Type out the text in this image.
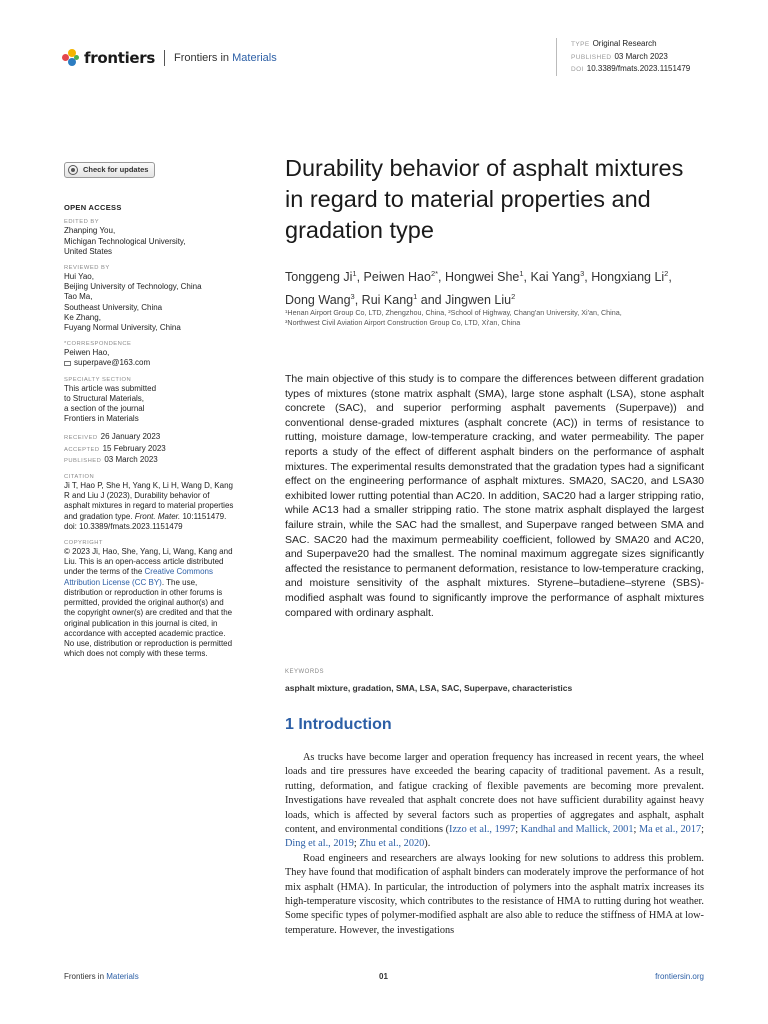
frontiers Frontiers in Materials
TYPE Original Research
PUBLISHED 03 March 2023
DOI 10.3389/fmats.2023.1151479
Check for updates
OPEN ACCESS
EDITED BY
Zhanping You,
Michigan Technological University,
United States
REVIEWED BY
Hui Yao,
Beijing University of Technology, China
Tao Ma,
Southeast University, China
Ke Zhang,
Fuyang Normal University, China
*CORRESPONDENCE
Peiwen Hao,
superpave@163.com
SPECIALTY SECTION
This article was submitted
to Structural Materials,
a section of the journal
Frontiers in Materials
RECEIVED 26 January 2023
ACCEPTED 15 February 2023
PUBLISHED 03 March 2023
CITATION
Ji T, Hao P, She H, Yang K, Li H, Wang D, Kang R and Liu J (2023), Durability behavior of asphalt mixtures in regard to material properties and gradation type. Front. Mater. 10:1151479.
doi: 10.3389/fmats.2023.1151479
COPYRIGHT
© 2023 Ji, Hao, She, Yang, Li, Wang, Kang and Liu. This is an open-access article distributed under the terms of the Creative Commons Attribution License (CC BY). The use, distribution or reproduction in other forums is permitted, provided the original author(s) and the copyright owner(s) are credited and that the original publication in this journal is cited, in accordance with accepted academic practice. No use, distribution or reproduction is permitted which does not comply with these terms.
Durability behavior of asphalt mixtures in regard to material properties and gradation type
Tonggeng Ji$^1$, Peiwen Hao$^{2*}$, Hongwei She$^1$, Kai Yang$^3$, Hongxiang Li$^2$, Dong Wang$^3$, Rui Kang$^1$ and Jingwen Liu$^2$
¹Henan Airport Group Co, LTD, Zhengzhou, China, ²School of Highway, Chang'an University, Xi'an, China,
³Northwest Civil Aviation Airport Construction Group Co, LTD, Xi'an, China
The main objective of this study is to compare the differences between different gradation types of mixtures (stone matrix asphalt (SMA), large stone asphalt (LSA), stone asphalt concrete (SAC), and superior performing asphalt pavements (Superpave)) and conventional dense-graded mixtures (asphalt concrete (AC)) in terms of resistance to rutting, moisture damage, low-temperature cracking, and water permeability. The paper reports a study of the effect of different asphalt binders on the performance of asphalt mixtures. The experimental results demonstrated that the gradation types had a significant effect on the engineering performance of asphalt mixtures. SMA20, SAC20, and LSA30 exhibited lower rutting potential than AC20. In addition, SAC20 had a larger stripping ratio, while AC13 had a smaller stripping ratio. The stone matrix asphalt displayed the largest failure strain, while the SAC had the smallest, and Superpave ranged between SMA and SAC. SAC20 had the maximum permeability coefficient, followed by SMA20 and AC20, and Superpave20 had the smallest. The nominal maximum aggregate sizes significantly affected the resistance to permanent deformation, resistance to low-temperature cracking, and moisture sensitivity of the asphalt mixtures. Styrene–butadiene–styrene (SBS)-modified asphalt was found to significantly improve the performance of asphalt mixtures compared with ordinary asphalt.
KEYWORDS
asphalt mixture, gradation, SMA, LSA, SAC, Superpave, characteristics
1 Introduction

As trucks have become larger and operation frequency has increased in recent years, the wheel loads and tire pressures have exceeded the bearing capacity of traditional pavement. As a result, rutting, deformation, and fatigue cracking of flexible pavements are becoming more prevalent. Investigations have revealed that asphalt concrete does not have sufficient durability against heavy loads, which is affected by several factors such as properties of aggregates and asphalt, asphalt content, and environmental conditions (Izzo et al., 1997; Kandhal and Mallick, 2001; Ma et al., 2017; Ding et al., 2019; Zhu et al., 2020).

Road engineers and researchers are always looking for new solutions to address this problem. They have found that modification of asphalt binders can moderately improve the performance of hot mix asphalt (HMA). In particular, the introduction of polymers into the asphalt matrix increases its high-temperature viscosity, which contributes to the resistance of HMA to rutting during hot weather. Some specific types of polymer-modified asphalt are also able to reduce the stiffness of HMA at low-temperature. However, the investigations

Frontiers in Materials	01	frontiersin.org
